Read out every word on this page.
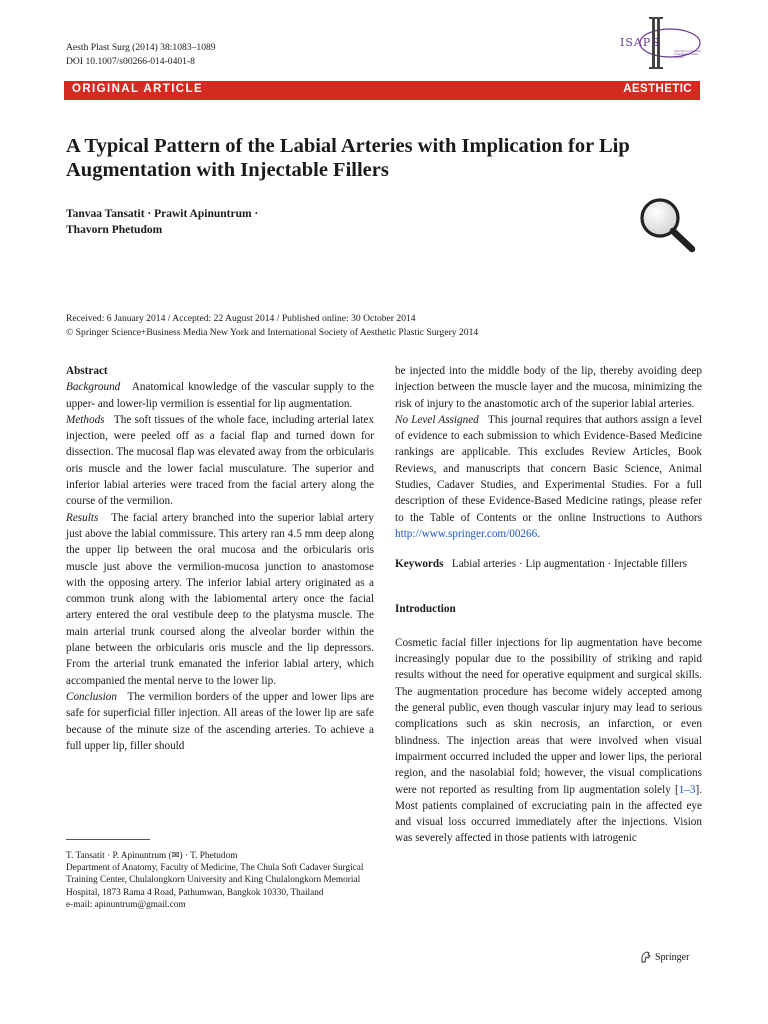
Aesth Plast Surg (2014) 38:1083–1089
DOI 10.1007/s00266-014-0401-8
ISAPS
International Society of Aesthetic Plastic Surgery
ORIGINAL ARTICLE	AESTHETIC
A Typical Pattern of the Labial Arteries with Implication for Lip Augmentation with Injectable Fillers
Tanvaa Tansatit · Prawit Apinuntrum ·
Thavorn Phetudom
Received: 6 January 2014 / Accepted: 22 August 2014 / Published online: 30 October 2014
© Springer Science+Business Media New York and International Society of Aesthetic Plastic Surgery 2014
Abstract

Background Anatomical knowledge of the vascular supply to the upper- and lower-lip vermilion is essential for lip augmentation.

Methods The soft tissues of the whole face, including arterial latex injection, were peeled off as a facial flap and turned down for dissection. The mucosal flap was elevated away from the orbicularis oris muscle and the lower facial musculature. The superior and inferior labial arteries were traced from the facial artery along the course of the vermilion.

Results The facial artery branched into the superior labial artery just above the labial commissure. This artery ran 4.5 mm deep along the upper lip between the oral mucosa and the orbicularis oris muscle just above the vermilion-mucosa junction to anastomose with the opposing artery. The inferior labial artery originated as a common trunk along with the labiomental artery once the facial artery entered the oral vestibule deep to the platysma muscle. The main arterial trunk coursed along the alveolar border within the plane between the orbicularis oris muscle and the lip depressors. From the arterial trunk emanated the inferior labial artery, which accompanied the mental nerve to the lower lip.

Conclusion The vermilion borders of the upper and lower lips are safe for superficial filler injection. All areas of the lower lip are safe because of the minute size of the ascending arteries. To achieve a full upper lip, filler should

T. Tansatit · P. Apinuntrum (✉) · T. Phetudom
Department of Anatomy, Faculty of Medicine, The Chula Soft Cadaver Surgical Training Center, Chulalongkorn University and King Chulalongkorn Memorial Hospital, 1873 Rama 4 Road, Pathumwan, Bangkok 10330, Thailand
e-mail: apinuntrum@gmail.com

be injected into the middle body of the lip, thereby avoiding deep injection between the muscle layer and the mucosa, minimizing the risk of injury to the anastomotic arch of the superior labial arteries.

No Level Assigned This journal requires that authors assign a level of evidence to each submission to which Evidence-Based Medicine rankings are applicable. This excludes Review Articles, Book Reviews, and manuscripts that concern Basic Science, Animal Studies, Cadaver Studies, and Experimental Studies. For a full description of these Evidence-Based Medicine ratings, please refer to the Table of Contents or the online Instructions to Authors http://www.springer.com/00266.

Keywords Labial arteries · Lip augmentation · Injectable fillers

Introduction

Cosmetic facial filler injections for lip augmentation have become increasingly popular due to the possibility of striking and rapid results without the need for operative equipment and surgical skills. The augmentation procedure has become widely accepted among the general public, even though vascular injury may lead to serious complications such as skin necrosis, an infarction, or even blindness. The injection areas that were involved when visual impairment occurred included the upper and lower lips, the perioral region, and the nasolabial fold; however, the visual complications were not reported as resulting from lip augmentation solely [1–3]. Most patients complained of excruciating pain in the affected eye and visual loss occurred immediately after the injections. Vision was severely affected in those patients with iatrogenic

Springer
